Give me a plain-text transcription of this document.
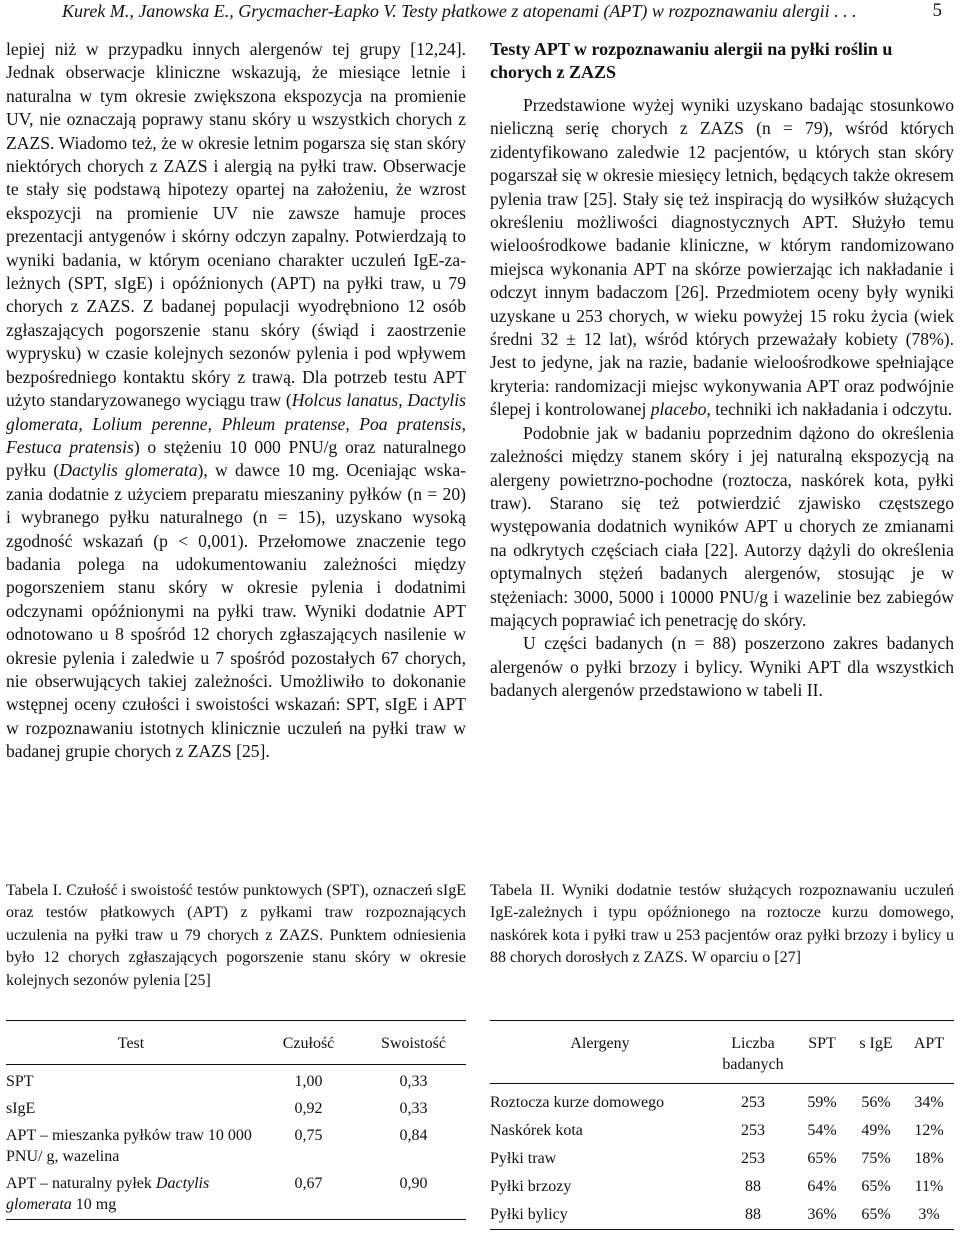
Kurek M., Janowska E., Grycmacher-Łapko V. Testy płatkowe z atopenami (APT) w rozpoznawaniu alergii . . .	5

lepiej niż w przypadku innych alergenów tej grupy [12,24]. Jednak obserwacje kliniczne wskazują, że miesiące letnie i naturalna w tym okresie zwiększona ekspozycja na promienie UV, nie oznaczają poprawy stanu skóry u wszystkich chorych z ZAZS. Wiadomo też, że w okresie letnim pogarsza się stan skóry niektórych chorych z ZAZS i alergią na pyłki traw. Obserwacje te stały się podstawą hipotezy opartej na założeniu, że wzrost ekspozycji na promienie UV nie zawsze hamuje proces prezentacji antygenów i skórny odczyn zapalny. Potwierdzają to wyniki badania, w którym oceniano charakter uczuleń IgE-zależnych (SPT, sIgE) i opóźnionych (APT) na pyłki traw, u 79 chorych z ZAZS. Z badanej populacji wyodrębniono 12 osób zgłaszających pogorszenie stanu skóry (świąd i zaostrzenie wyprysku) w czasie kolejnych sezonów pylenia i pod wpływem bezpośredniego kontaktu skóry z trawą. Dla potrzeb testu APT użyto standaryzowanego wyciągu traw (Holcus lanatus, Dactylis glomerata, Lolium perenne, Phleum pratense, Poa pratensis, Festuca pratensis) o stężeniu 10 000 PNU/g oraz naturalnego pyłku (Dactylis glomerata), w dawce 10 mg. Oceniając wskazania dodatnie z użyciem preparatu mieszaniny pyłków (n = 20) i wybranego pyłku naturalnego (n = 15), uzyskano wysoką zgodność wskazań (p < 0,001). Przełomowe znaczenie tego badania polega na udokumentowaniu zależności między pogorszeniem stanu skóry w okresie pylenia i dodatnimi odczynami opóźnionymi na pyłki traw. Wyniki dodatnie APT odnotowano u 8 spośród 12 chorych zgłaszających nasilenie w okresie pylenia i zaledwie u 7 spośród pozostałych 67 chorych, nie obserwujących takiej zależności. Umożliwiło to dokonanie wstępnej oceny czułości i swoistości wskazań: SPT, sIgE i APT w rozpoznawaniu istotnych klinicznie uczuleń na pyłki traw w badanej grupie chorych z ZAZS [25].

Testy APT w rozpoznawaniu alergii na pyłki roślin u chorych z ZAZS

Przedstawione wyżej wyniki uzyskano badając stosunkowo nieliczną serię chorych z ZAZS (n = 79), wśród których zidentyfikowano zaledwie 12 pacjentów, u których stan skóry pogarszał się w okresie miesięcy letnich, będących także okresem pylenia traw [25]. Stały się też inspiracją do wysiłków służących określeniu możliwości diagnostycznych APT. Służyło temu wieloośrodkowe badanie kliniczne, w którym randomizowano miejsca wykonania APT na skórze powierzając ich nakładanie i odczyt innym badaczom [26]. Przedmiotem oceny były wyniki uzyskane u 253 chorych, w wieku powyżej 15 roku życia (wiek średni 32 ± 12 lat), wśród których przeważały kobiety (78%). Jest to jedyne, jak na razie, badanie wieloośrodkowe spełniające kryteria: randomizacji miejsc wykonywania APT oraz podwójnie ślepej i kontrolowanej placebo, techniki ich nakładania i odczytu.

Podobnie jak w badaniu poprzednim dążono do określenia zależności między stanem skóry i jej naturalną ekspozycją na alergeny powietrzno-pochodne (roztocza, naskórek kota, pyłki traw). Starano się też potwierdzić zjawisko częstszego występowania dodatnich wyników APT u chorych ze zmianami na odkrytych częściach ciała [22]. Autorzy dążyli do określenia optymalnych stężeń badanych alergenów, stosując je w stężeniach: 3000, 5000 i 10000 PNU/g i wazelinie bez zabiegów mających poprawiać ich penetrację do skóry.

U części badanych (n = 88) poszerzono zakres badanych alergenów o pyłki brzozy i bylicy. Wyniki APT dla wszystkich badanych alergenów przedstawiono w tabeli II.

Tabela I. Czułość i swoistość testów punktowych (SPT), oznaczeń sIgE oraz testów płatkowych (APT) z pyłkami traw rozpoznających uczulenia na pyłki traw u 79 chorych z ZAZS. Punktem odniesienia było 12 chorych zgłaszających pogorszenie stanu skóry w okresie kolejnych sezonów pylenia [25]
Tabela II. Wyniki dodatnie testów służących rozpoznawaniu uczuleń IgE-zależnych i typu opóźnionego na roztocze kurzu domowego, naskórek kota i pyłki traw u 253 pacjentów oraz pyłki brzozy i bylicy u 88 chorych dorosłych z ZAZS. W oparciu o [27]
Test	Czułość	Swoistość
SPT	1,00	0,33
sIgE	0,92	0,33
APT – mieszanka pyłków traw 10 000 PNU/ g, wazelina	0,75	0,84
APT – naturalny pyłek Dactylis glomerata 10 mg	0,67	0,90
Alergeny	Liczba badanych	SPT	s IgE	APT
Roztocza kurze domowego	253	59%	56%	34%
Naskórek kota	253	54%	49%	12%
Pyłki traw	253	65%	75%	18%
Pyłki brzozy	88	64%	65%	11%
Pyłki bylicy	88	36%	65%	3%
